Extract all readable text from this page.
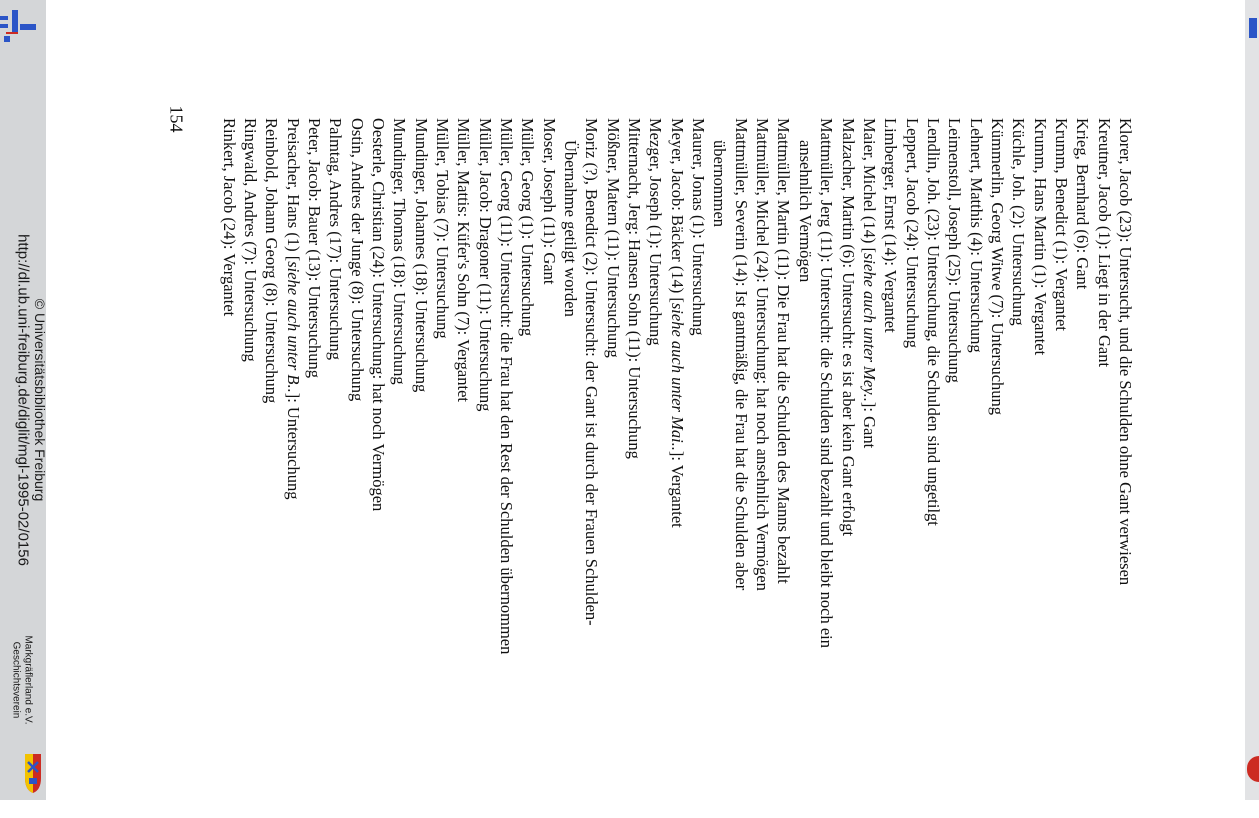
http://dl.ub.uni-freiburg.de/diglit/mgl-1995-02/0156 © Universitätsbibliothek Freiburg
Geschichtsverein Markgräflerland e.V.
154	Klorer, Jacob (23): Untersucht, und die Schulden ohne Gant verwiesen
Kreutner, Jacob (1): Liegt in der Gant
Krieg, Bernhard (6): Gant
Krumm, Benedict (1): Vergantet
Krumm, Hans Martin (1): Vergantet
Küchle, Joh. (2): Untersuchung
Kümmerlin, Georg Witwe (7): Untersuchung
Lehnert, Matthis (4): Untersuchung
Leimenstoll, Joseph (25): Untersuchung
Lendlin, Joh. (23): Untersuchung, die Schulden sind ungetilgt
Leppert, Jacob (24): Untersuchung
Limberger, Ernst (14): Vergantet
Maier, Michel (14) [siehe auch unter Mey..]: Gant
Malzacher, Martin (6): Untersucht: es ist aber kein Gant erfolgt
Mattmüller, Jerg (11): Untersucht: die Schulden sind bezahlt und bleibt noch ein
ansehnlich Vermögen
Mattmüller, Martin (11): Die Frau hat die Schulden des Manns bezahlt
Mattmüller, Michel (24): Untersuchung: hat noch ansehnlich Vermögen
Mattmüller, Severin (14): Ist gantmäßig, die Frau hat die Schulden aber
übernommen
Maurer, Jonas (1): Untersuchung
Meyer, Jacob: Bäcker (14) [siehe auch unter Mai..]: Vergantet
Mezger, Joseph (1): Untersuchung
Mitternacht, Jerg: Hansen Sohn (11): Untersuchung
Mößner, Matern (11): Untersuchung
Moriz (?), Benedict (2): Untersucht: der Gant ist durch der Frauen Schulden-
Übernahme getilgt worden
Moser, Joseph (11): Gant
Müller, Georg (1): Untersuchung
Müller, Georg (11): Untersucht: die Frau hat den Rest der Schulden übernommen
Müller, Jacob: Dragoner (11): Untersuchung
Müller, Mattis: Küfer's Sohn (7): Vergantet
Müller, Tobias (7): Untersuchung
Mundinger, Johannes (18): Untersuchung
Mundinger, Thomas (18): Untersuchung
Oesterle, Christian (24): Untersuchung: hat noch Vermögen
Ostin, Andres der Junge (8): Untersuchung
Palmtag, Andres (17): Untersuchung
Peter, Jacob: Bauer (13): Untersuchung
Preisacher, Hans (1) [siehe auch unter B..]: Untersuchung
Reinbold, Johann Georg (8): Untersuchung
Ringwald, Andres (7): Untersuchung
Rinkert, Jacob (24): Vergantet
